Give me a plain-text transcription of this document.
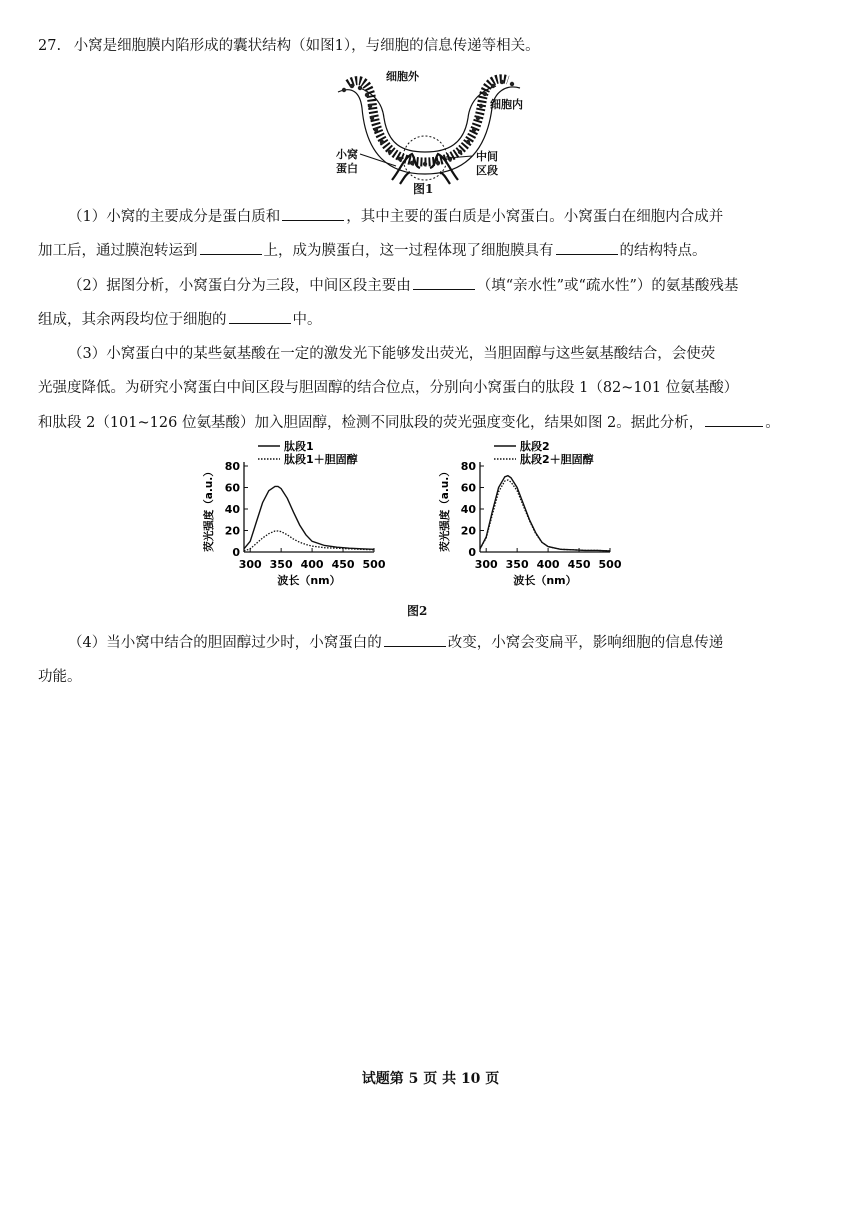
27. 小窝是细胞膜内陷形成的囊状结构（如图1），与细胞的信息传递等相关。
细胞外
细胞内
小窝
蛋白
中间
区段
图1
（1）小窝的主要成分是蛋白质和	，其中主要的蛋白质是小窝蛋白。小窝蛋白在细胞内合成并
加工后，通过膜泡转运到	上，成为膜蛋白，这一过程体现了细胞膜具有	的结构特点。
（2）据图分析，小窝蛋白分为三段，中间区段主要由	（填“亲水性”或“疏水性”）的氨基酸残基
组成，其余两段均位于细胞的	中。
（3）小窝蛋白中的某些氨基酸在一定的激发光下能够发出荧光，当胆固醇与这些氨基酸结合，会使荧
光强度降低。为研究小窝蛋白中间区段与胆固醇的结合位点，分别向小窝蛋白的肽段 1（82~101 位氨基酸）
和肽段 2（101~126 位氨基酸）加入胆固醇，检测不同肽段的荧光强度变化，结果如图 2。据此分析，	。
0
20
40
60
80
300 350 400 450 500
波长（nm）
荧光强度（a.u.）
肽段1
肽段1＋胆固醇
0
20
40
60
80
300 350 400 450 500
波长（nm）
荧光强度（a.u.）
肽段2
肽段2＋胆固醇
图2
（4）当小窝中结合的胆固醇过少时，小窝蛋白的	改变，小窝会变扁平，影响细胞的信息传递
功能。
试题第 5 页 共 10 页
